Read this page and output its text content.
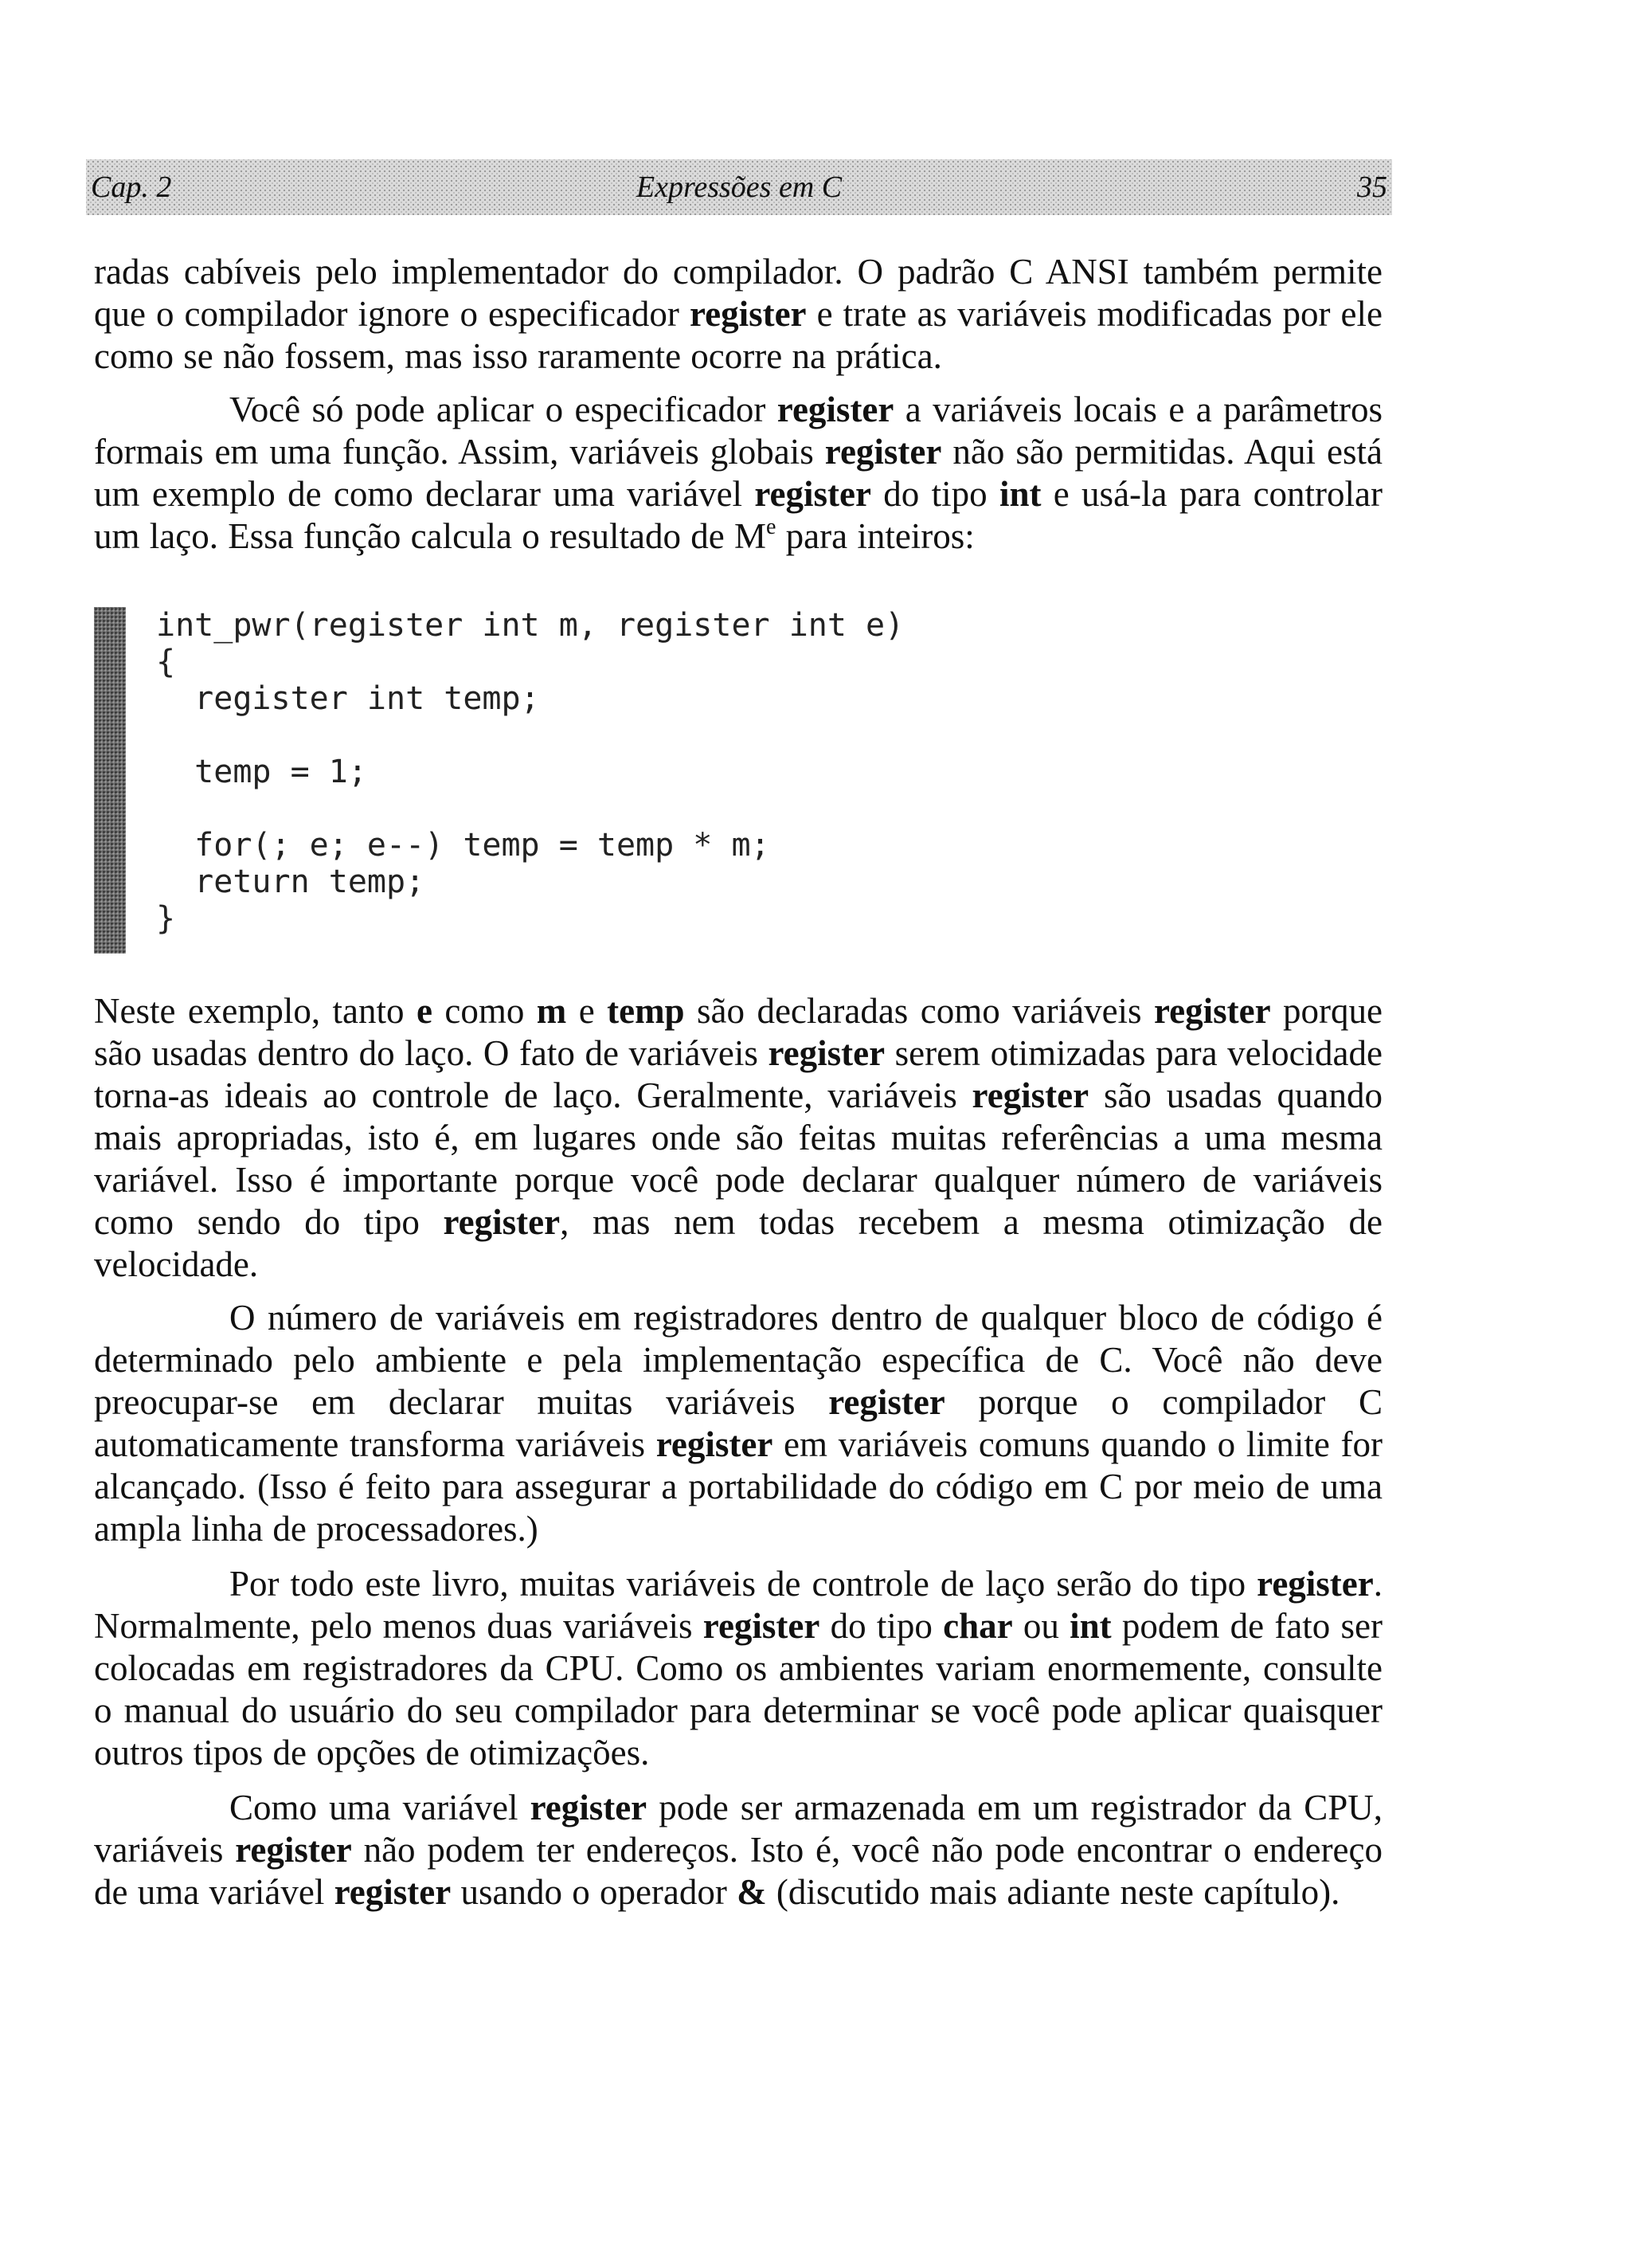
Cap. 2	Expressões em C	35

radas cabíveis pelo implementador do compilador. O padrão C ANSI também permite que o compilador ignore o especificador register e trate as variáveis modificadas por ele como se não fossem, mas isso raramente ocorre na prática.

Você só pode aplicar o especificador register a variáveis locais e a parâmetros formais em uma função. Assim, variáveis globais register não são permitidas. Aqui está um exemplo de como declarar uma variável register do tipo int e usá-la para controlar um laço. Essa função calcula o resultado de Me para inteiros:

int_pwr(register int m, register int e)
{
register int temp;
temp = 1;
for(; e; e--) temp = temp * m;
return temp;
}

Neste exemplo, tanto e como m e temp são declaradas como variáveis register porque são usadas dentro do laço. O fato de variáveis register serem otimizadas para velocidade torna-as ideais ao controle de laço. Geralmente, variáveis register são usadas quando mais apropriadas, isto é, em lugares onde são feitas muitas referências a uma mesma variável. Isso é importante porque você pode declarar qualquer número de variáveis como sendo do tipo register, mas nem todas recebem a mesma otimização de velocidade.

O número de variáveis em registradores dentro de qualquer bloco de código é determinado pelo ambiente e pela implementação específica de C. Você não deve preocupar-se em declarar muitas variáveis register porque o compilador C automaticamente transforma variáveis register em variáveis comuns quando o limite for alcançado. (Isso é feito para assegurar a portabilidade do código em C por meio de uma ampla linha de processadores.)

Por todo este livro, muitas variáveis de controle de laço serão do tipo register. Normalmente, pelo menos duas variáveis register do tipo char ou int podem de fato ser colocadas em registradores da CPU. Como os ambientes variam enormemente, consulte o manual do usuário do seu compilador para determinar se você pode aplicar quaisquer outros tipos de opções de otimizações.

Como uma variável register pode ser armazenada em um registrador da CPU, variáveis register não podem ter endereços. Isto é, você não pode encontrar o endereço de uma variável register usando o operador & (discutido mais adiante neste capítulo).
